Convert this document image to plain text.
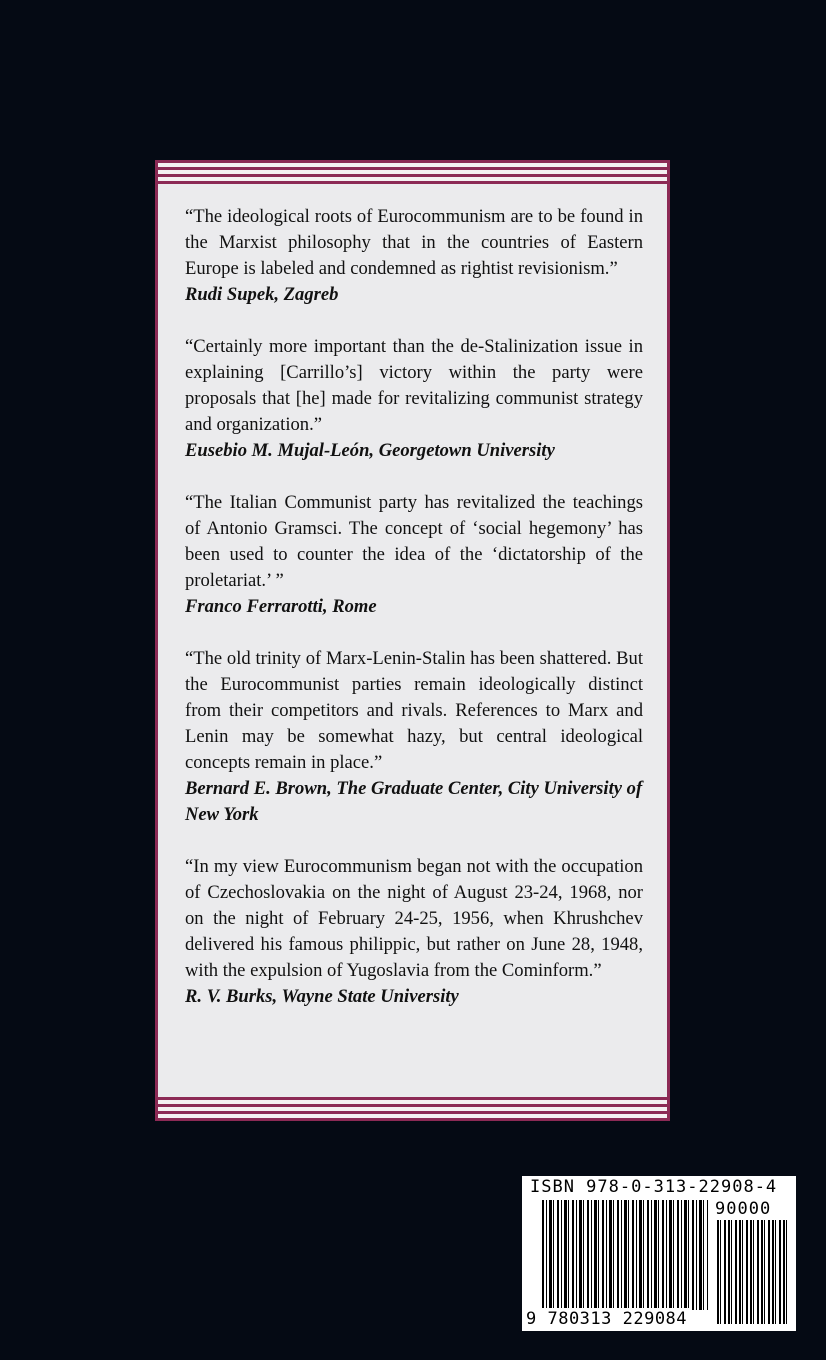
“The ideological roots of Eurocommunism are to be found in the Marxist philosophy that in the countries of Eastern Europe is labeled and condemned as rightist revisionism.”

Rudi Supek, Zagreb

“Certainly more important than the de-Stalinization issue in explaining [Carrillo’s] victory within the party were proposals that [he] made for revitalizing communist strategy and organization.”

Eusebio M. Mujal-León, Georgetown University

“The Italian Communist party has revitalized the teachings of Antonio Gramsci. The concept of ‘social hegemony’ has been used to counter the idea of the ‘dictatorship of the proletariat.’ ”

Franco Ferrarotti, Rome

“The old trinity of Marx-Lenin-Stalin has been shattered. But the Eurocommunist parties remain ideologically distinct from their competitors and rivals. References to Marx and Lenin may be somewhat hazy, but central ideological concepts remain in place.”

Bernard E. Brown, The Graduate Center, City University of New York

“In my view Eurocommunism began not with the occupation of Czechoslovakia on the night of August 23-24, 1968, nor on the night of February 24-25, 1956, when Khrushchev delivered his famous philippic, but rather on June 28, 1948, with the expulsion of Yugoslavia from the Cominform.”

R. V. Burks, Wayne State University

ISBN 978-0-313-22908-4
90000
9 780313 229084
